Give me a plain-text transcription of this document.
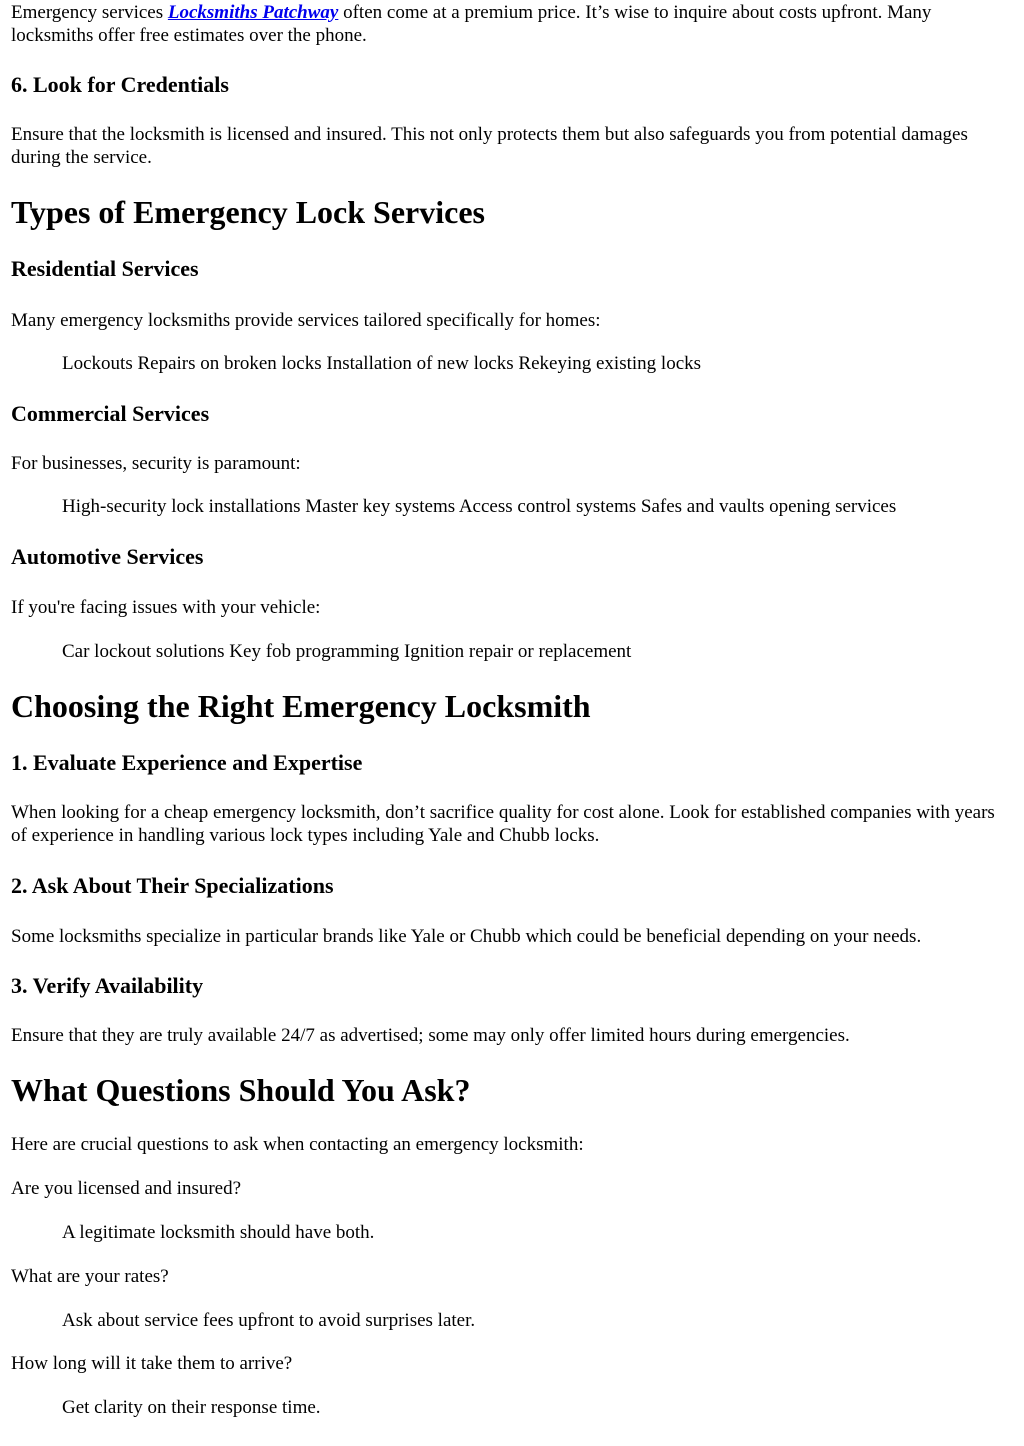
Emergency services Locksmiths Patchway often come at a premium price. It’s wise to inquire about costs upfront. Many locksmiths offer free estimates over the phone.

6. Look for Credentials

Ensure that the locksmith is licensed and insured. This not only protects them but also safeguards you from potential damages during the service.

Types of Emergency Lock Services
Residential Services

Many emergency locksmiths provide services tailored specifically for homes:

Lockouts Repairs on broken locks Installation of new locks Rekeying existing locks

Commercial Services

For businesses, security is paramount:

High-security lock installations Master key systems Access control systems Safes and vaults opening services

Automotive Services

If you're facing issues with your vehicle:

Car lockout solutions Key fob programming Ignition repair or replacement

Choosing the Right Emergency Locksmith
1. Evaluate Experience and Expertise

When looking for a cheap emergency locksmith, don’t sacrifice quality for cost alone. Look for established companies with years of experience in handling various lock types including Yale and Chubb locks.

2. Ask About Their Specializations

Some locksmiths specialize in particular brands like Yale or Chubb which could be beneficial depending on your needs.

3. Verify Availability

Ensure that they are truly available 24/7 as advertised; some may only offer limited hours during emergencies.

What Questions Should You Ask?

Here are crucial questions to ask when contacting an emergency locksmith:

Are you licensed and insured?

A legitimate locksmith should have both.

What are your rates?

Ask about service fees upfront to avoid surprises later.

How long will it take them to arrive?

Get clarity on their response time.
